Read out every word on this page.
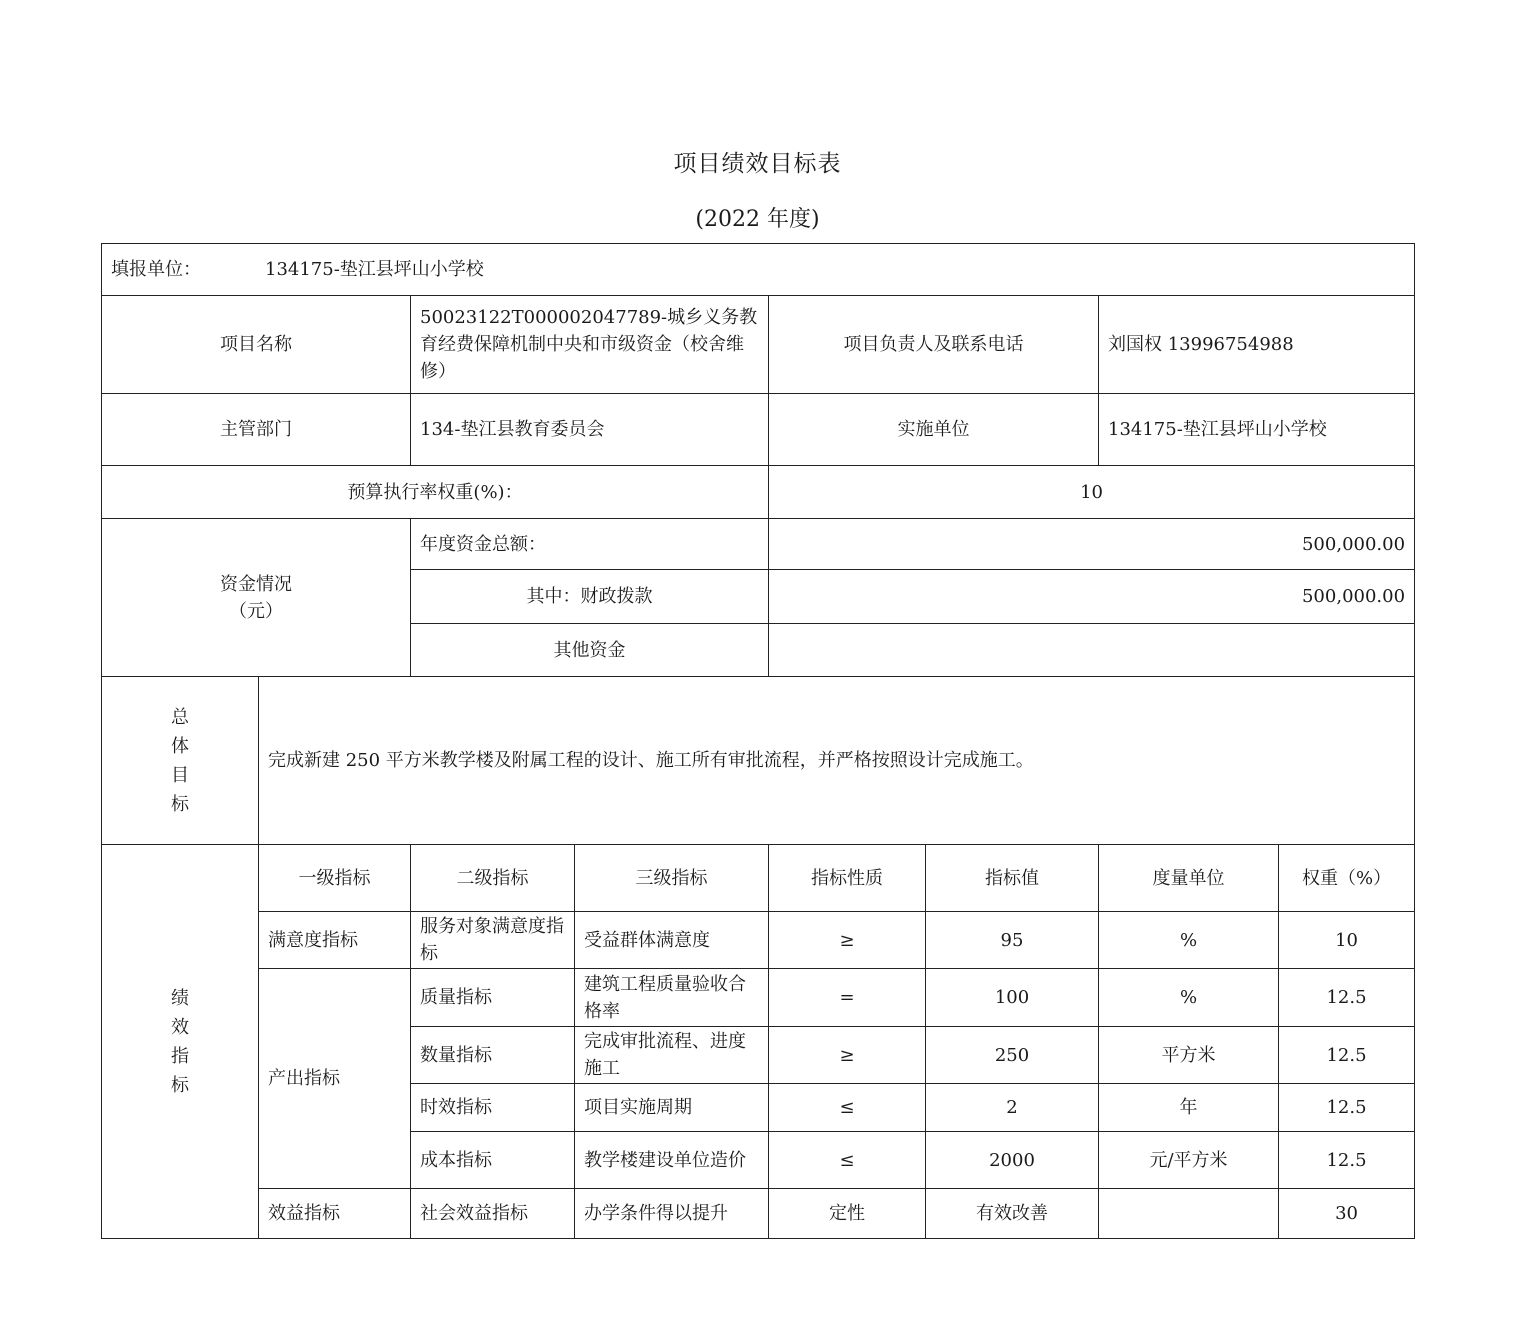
项目绩效目标表
(2022 年度)
填报单位： 134175-垫江县坪山小学校							
项目名称		50023122T000002047789-城乡义务教育经费保障机制中央和市级资金（校舍维修）		项目负责人及联系电话		刘国权 13996754988	
主管部门		134-垫江县教育委员会		实施单位		134175-垫江县坪山小学校	
预算执行率权重(%)：				10			

资金情况
（元）		年度资金总额：		500,000.00			
		其中：财政拨款		500,000.00			
		其他资金					

总
体
目
标	完成新建 250 平方米教学楼及附属工程的设计、施工所有审批流程，并严格按照设计完成施工。						

绩
效
指
标	一级指标	二级指标	三级指标	指标性质	指标值	度量单位	权重（%）
	满意度指标	服务对象满意度指标	受益群体满意度	≥	95	%	10
	产出指标	质量指标	建筑工程质量验收合格率	=	100	%	12.5
		数量指标	完成审批流程、进度施工	≥	250	平方米	12.5
		时效指标	项目实施周期	≤	2	年	12.5
		成本指标	教学楼建设单位造价	≤	2000	元/平方米	12.5
	效益指标	社会效益指标	办学条件得以提升	定性	有效改善		30
